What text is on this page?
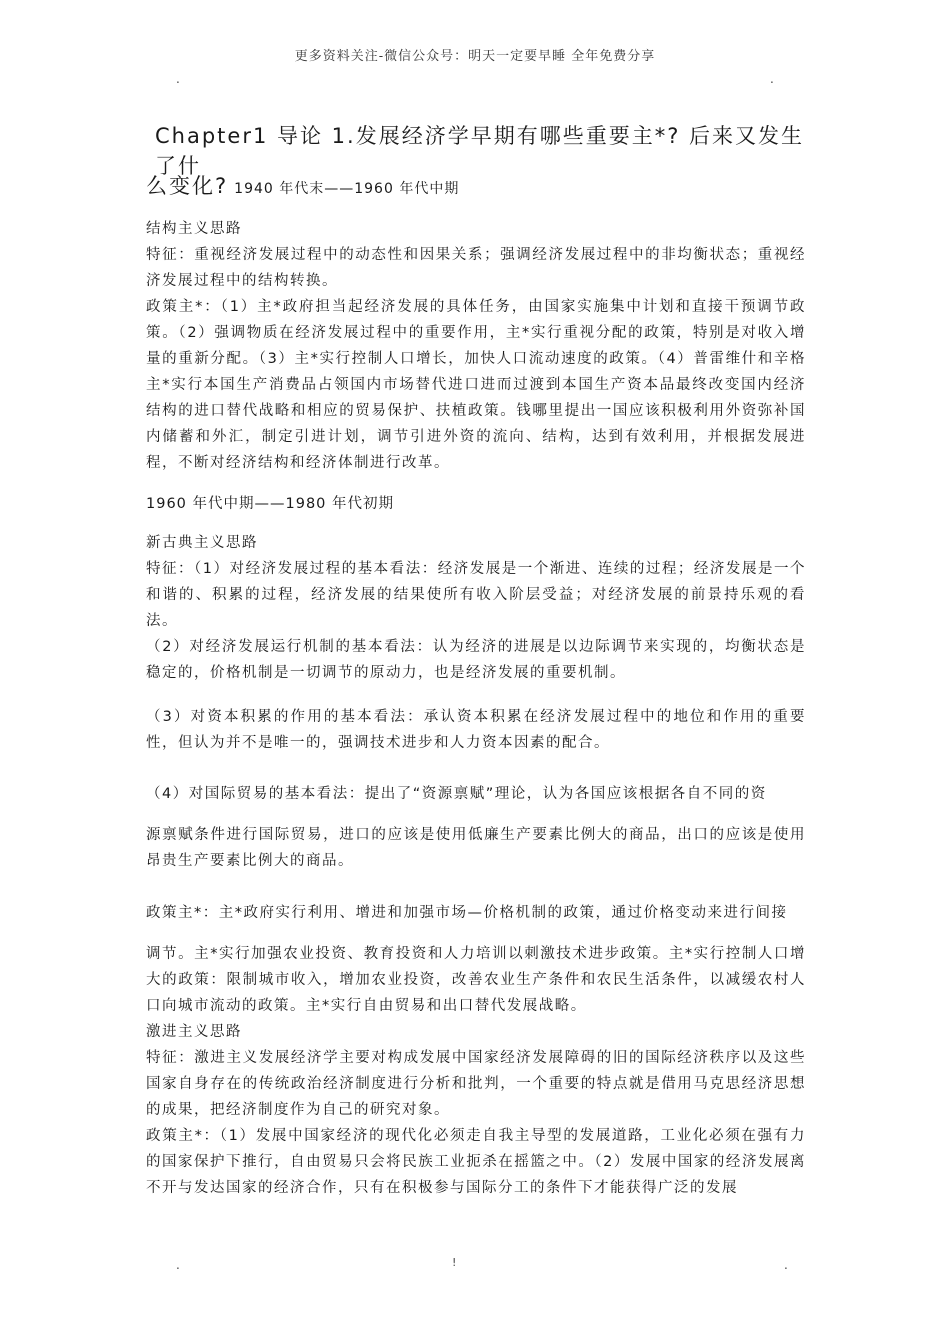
更多资料关注-微信公众号：明天一定要早睡 全年免费分享
.	.
Chapter1 导论 1.发展经济学早期有哪些重要主*? 后来又发生了什
么变化? 1940 年代末——1960 年代中期

结构主义思路

特征：重视经济发展过程中的动态性和因果关系；强调经济发展过程中的非均衡状态；重视经济发展过程中的结构转换。

政策主*：（1）主*政府担当起经济发展的具体任务，由国家实施集中计划和直接干预调节政策。（2）强调物质在经济发展过程中的重要作用，主*实行重视分配的政策，特别是对收入增量的重新分配。（3）主*实行控制人口增长，加快人口流动速度的政策。（4）普雷维什和辛格主*实行本国生产消费品占领国内市场替代进口进而过渡到本国生产资本品最终改变国内经济结构的进口替代战略和相应的贸易保护、扶植政策。钱哪里提出一国应该积极利用外资弥补国内储蓄和外汇，制定引进计划，调节引进外资的流向、结构，达到有效利用，并根据发展进程，不断对经济结构和经济体制进行改革。

1960 年代中期——1980 年代初期

新古典主义思路

特征：（1）对经济发展过程的基本看法：经济发展是一个渐进、连续的过程；经济发展是一个和谐的、积累的过程，经济发展的结果使所有收入阶层受益；对经济发展的前景持乐观的看法。

（2）对经济发展运行机制的基本看法：认为经济的进展是以边际调节来实现的，均衡状态是稳定的，价格机制是一切调节的原动力，也是经济发展的重要机制。

（3）对资本积累的作用的基本看法：承认资本积累在经济发展过程中的地位和作用的重要性，但认为并不是唯一的，强调技术进步和人力资本因素的配合。

（4）对国际贸易的基本看法：提出了“资源禀赋”理论，认为各国应该根据各自不同的资

源禀赋条件进行国际贸易，进口的应该是使用低廉生产要素比例大的商品，出口的应该是使用昂贵生产要素比例大的商品。

政策主*：主*政府实行利用、增进和加强市场—价格机制的政策，通过价格变动来进行间接

调节。主*实行加强农业投资、教育投资和人力培训以刺激技术进步政策。主*实行控制人口增大的政策：限制城市收入，增加农业投资，改善农业生产条件和农民生活条件，以减缓农村人口向城市流动的政策。主*实行自由贸易和出口替代发展战略。

激进主义思路

特征：激进主义发展经济学主要对构成发展中国家经济发展障碍的旧的国际经济秩序以及这些国家自身存在的传统政治经济制度进行分析和批判，一个重要的特点就是借用马克思经济思想的成果，把经济制度作为自己的研究对象。

政策主*：（1）发展中国家经济的现代化必须走自我主导型的发展道路，工业化必须在强有力的国家保护下推行，自由贸易只会将民族工业扼杀在摇篮之中。（2）发展中国家的经济发展离不开与发达国家的经济合作，只有在积极参与国际分工的条件下才能获得广泛的发展

.	!	.
